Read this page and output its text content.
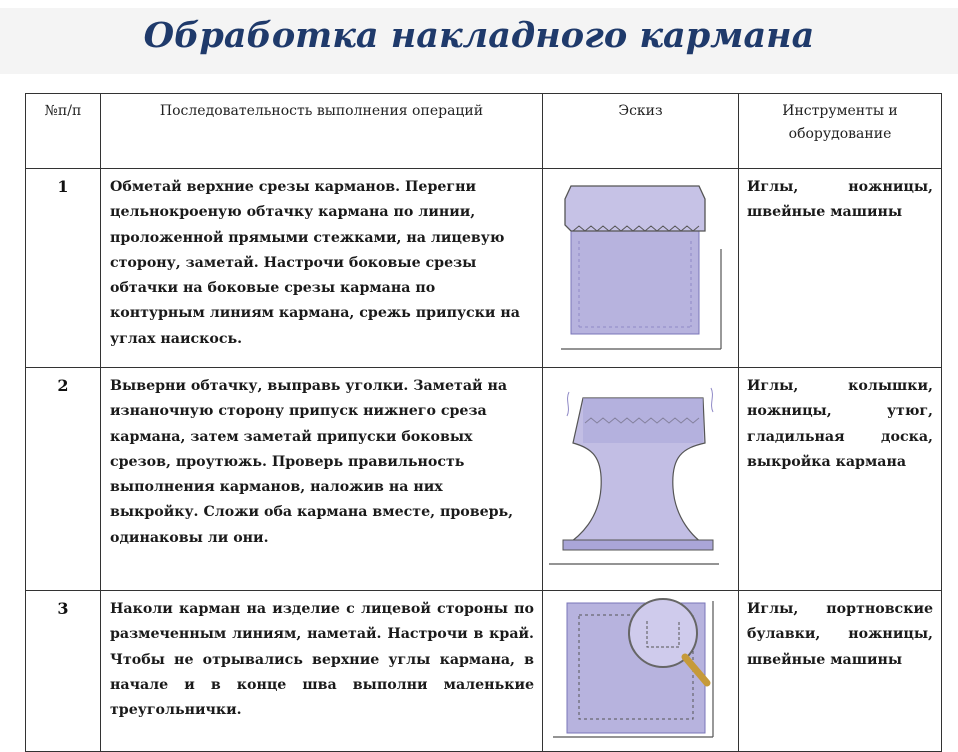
Обработка накладного кармана
№п/п	Последовательность выполнения операций	Эскиз	Инструменты и оборудование
1	Обметай верхние срезы карманов. Перегни цельнокроеную обтачку кармана по линии, проложенной прямыми стежками, на лицевую сторону, заметай. Настрочи боковые срезы обтачки на боковые срезы кармана по контурным линиям кармана, срежь припуски на углах наискось.		Иглы, ножницы, швейные машины
2	Выверни обтачку, выправь уголки. Заметай на изнаночную сторону припуск нижнего среза кармана, затем заметай припуски боковых срезов, проутюжь. Проверь правильность выполнения карманов, наложив на них выкройку. Сложи оба кармана вместе, проверь, одинаковы ли они.		Иглы, колышки, ножницы, утюг, гладильная доска, выкройка кармана

3	Наколи карман на изделие с лицевой стороны по размеченным линиям, наметай. Настрочи в край. Чтобы не отрывались верхние углы кармана, в начале и в конце шва выполни маленькие треугольнички.		Иглы, портновские булавки, ножницы, швейные машины
